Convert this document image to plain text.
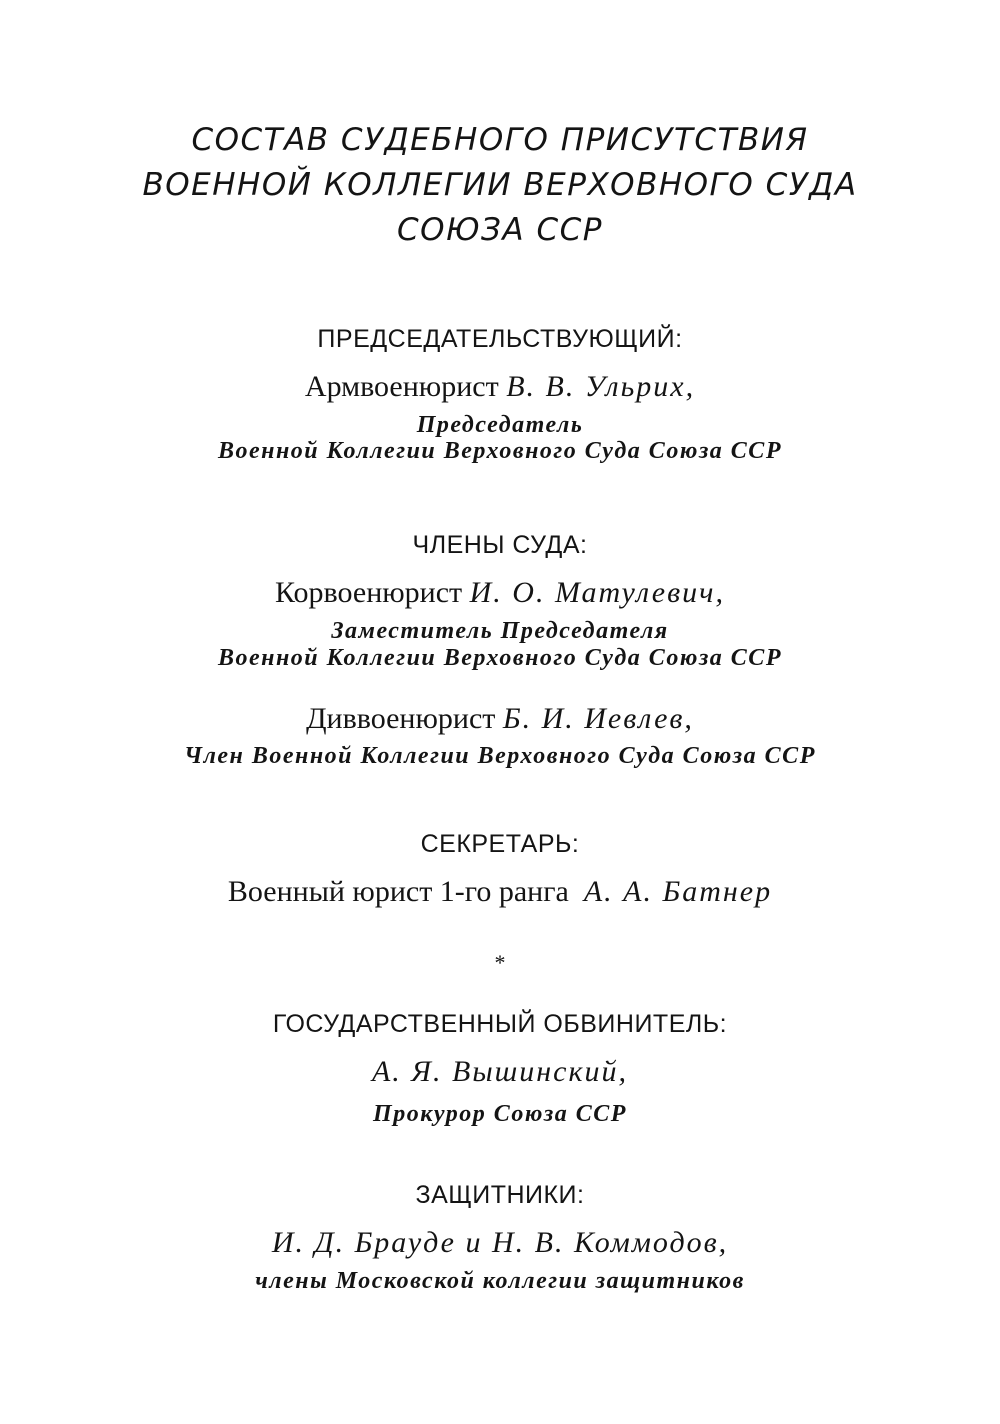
СОСТАВ СУДЕБНОГО ПРИСУТСТВИЯ
ВОЕННОЙ КОЛЛЕГИИ ВЕРХОВНОГО СУДА
СОЮЗА ССР
ПРЕДСЕДАТЕЛЬСТВУЮЩИЙ:
Армвоенюрист В. В. Ульрих,
Председатель
Военной Коллегии Верховного Суда Союза ССР
ЧЛЕНЫ СУДА:
Корвоенюрист И. О. Матулевич,
Заместитель Председателя
Военной Коллегии Верховного Суда Союза ССР
Диввоенюрист Б. И. Иевлев,
Член Военной Коллегии Верховного Суда Союза ССР
СЕКРЕТАРЬ:
Военный юрист 1-го ранга А. А. Батнер
*
ГОСУДАРСТВЕННЫЙ ОБВИНИТЕЛЬ:
А. Я. Вышинский,
Прокурор Союза ССР
ЗАЩИТНИКИ:
И. Д. Брауде и Н. В. Коммодов,
члены Московской коллегии защитников
